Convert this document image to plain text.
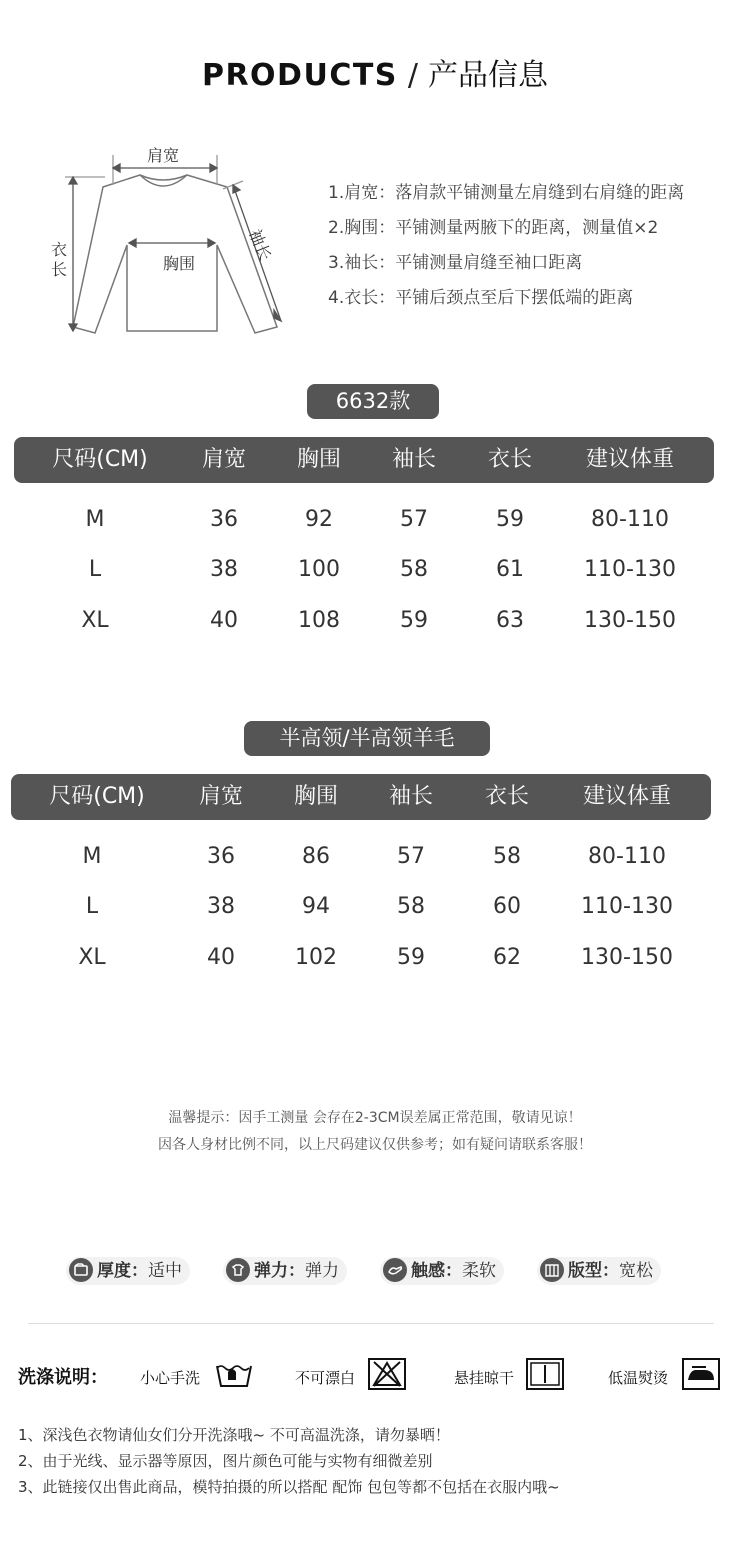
PRODUCTS / 产品信息
肩宽
胸围
衣
长
袖长
1.肩宽：落肩款平铺测量左肩缝到右肩缝的距离
2.胸围：平铺测量两腋下的距离，测量值×2
3.袖长：平铺测量肩缝至袖口距离
4.衣长：平铺后颈点至后下摆低端的距离
6632款
尺码(CM)	肩宽	胸围	袖长	衣长	建议体重
M	36	92	57	59	80-110
L	38	100	58	61	110-130
XL	40	108	59	63	130-150
半高领/半高领羊毛
尺码(CM)	肩宽	胸围	袖长	衣长	建议体重
M	36	86	57	58	80-110
L	38	94	58	60	110-130
XL	40	102	59	62	130-150
温馨提示：因手工测量 会存在2-3CM误差属正常范围，敬请见谅！
因各人身材比例不同，以上尺码建议仅供参考；如有疑问请联系客服！
厚度：适中	弹力：弹力	触感：柔软	版型：宽松
洗涤说明： 小心手洗	不可漂白	悬挂晾干	低温熨烫
1、深浅色衣物请仙女们分开洗涤哦~ 不可高温洗涤，请勿暴晒！
2、由于光线、显示器等原因，图片颜色可能与实物有细微差别
3、此链接仅出售此商品，模特拍摄的所以搭配 配饰 包包等都不包括在衣服内哦~
